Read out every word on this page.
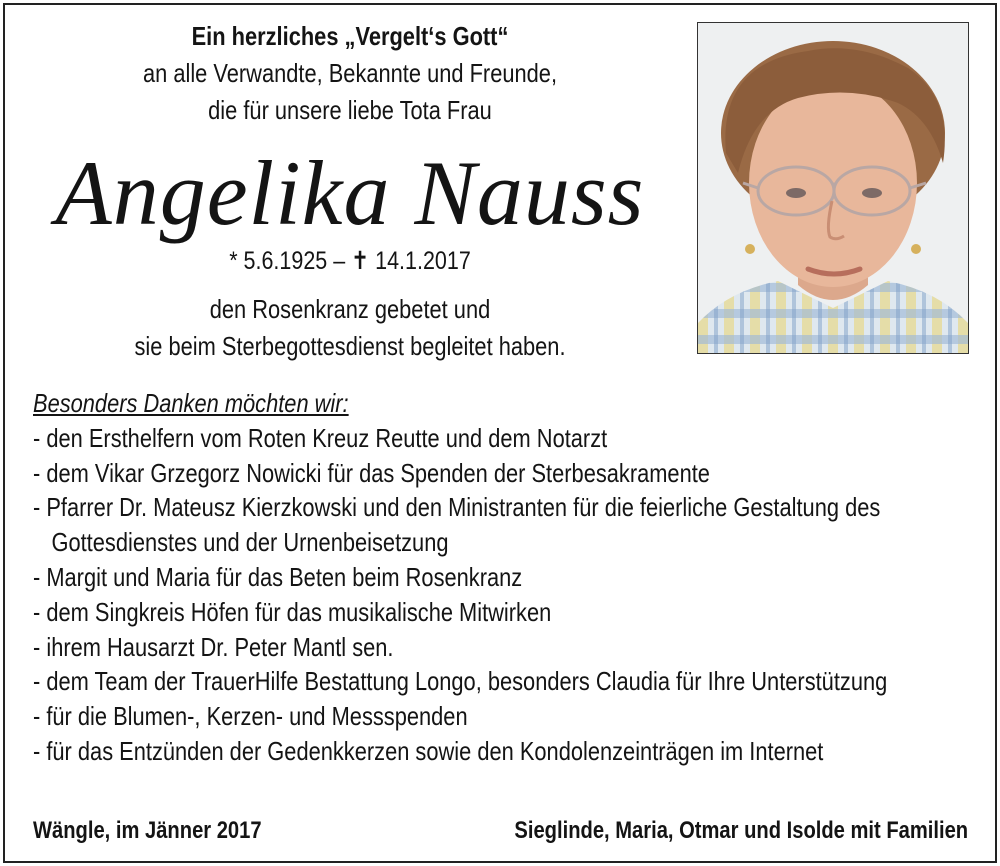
Ein herzliches „Vergelt‘s Gott“
an alle Verwandte, Bekannte und Freunde,
die für unsere liebe Tota Frau
Angelika Nauss
* 5.6.1925 – ✝ 14.1.2017
den Rosenkranz gebetet und
sie beim Sterbegottesdienst begleitet haben.
Besonders Danken möchten wir:
- den Ersthelfern vom Roten Kreuz Reutte und dem Notarzt
- dem Vikar Grzegorz Nowicki für das Spenden der Sterbesakramente
- Pfarrer Dr. Mateusz Kierzkowski und den Ministranten für die feierliche Gestaltung des
Gottesdienstes und der Urnenbeisetzung
- Margit und Maria für das Beten beim Rosenkranz
- dem Singkreis Höfen für das musikalische Mitwirken
- ihrem Hausarzt Dr. Peter Mantl sen.
- dem Team der TrauerHilfe Bestattung Longo, besonders Claudia für Ihre Unterstützung
- für die Blumen-, Kerzen- und Messspenden
- für das Entzünden der Gedenkkerzen sowie den Kondolenzeinträgen im Internet
Wängle, im Jänner 2017	Sieglinde, Maria, Otmar und Isolde mit Familien
